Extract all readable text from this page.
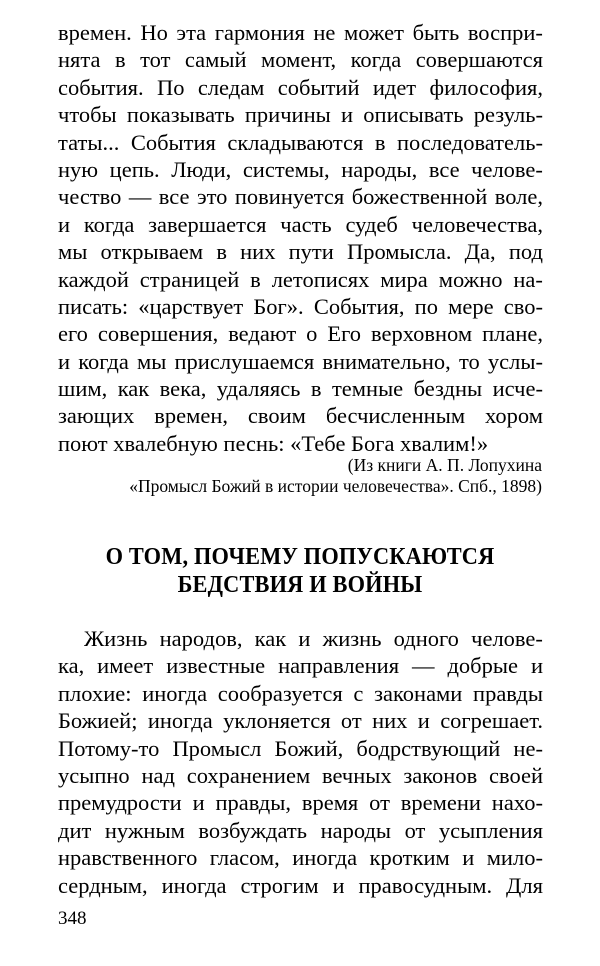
времен. Но эта гармония не может быть воспри-
нята в тот самый момент, когда совершаются
события. По следам событий идет философия,
чтобы показывать причины и описывать резуль-
таты... События складываются в последователь-
ную цепь. Люди, системы, народы, все челове-
чество — все это повинуется божественной воле,
и когда завершается часть судеб человечества,
мы открываем в них пути Промысла. Да, под
каждой страницей в летописях мира можно на-
писать: «царствует Бог». События, по мере сво-
его совершения, ведают о Его верховном плане,
и когда мы прислушаемся внимательно, то услы-
шим, как века, удаляясь в темные бездны исче-
зающих времен, своим бесчисленным хором
поют хвалебную песнь: «Тебе Бога хвалим!»
(Из книги А. П. Лопухина
«Промысл Божий в истории человечества». Спб., 1898)
О ТОМ, ПОЧЕМУ ПОПУСКАЮТСЯ
БЕДСТВИЯ И ВОЙНЫ
Жизнь народов, как и жизнь одного челове-
ка, имеет известные направления — добрые и
плохие: иногда сообразуется с законами правды
Божией; иногда уклоняется от них и согрешает.
Потому-то Промысл Божий, бодрствующий не-
усыпно над сохранением вечных законов своей
премудрости и правды, время от времени нахо-
дит нужным возбуждать народы от усыпления
нравственного гласом, иногда кротким и мило-
сердным, иногда строгим и правосудным. Для
348
